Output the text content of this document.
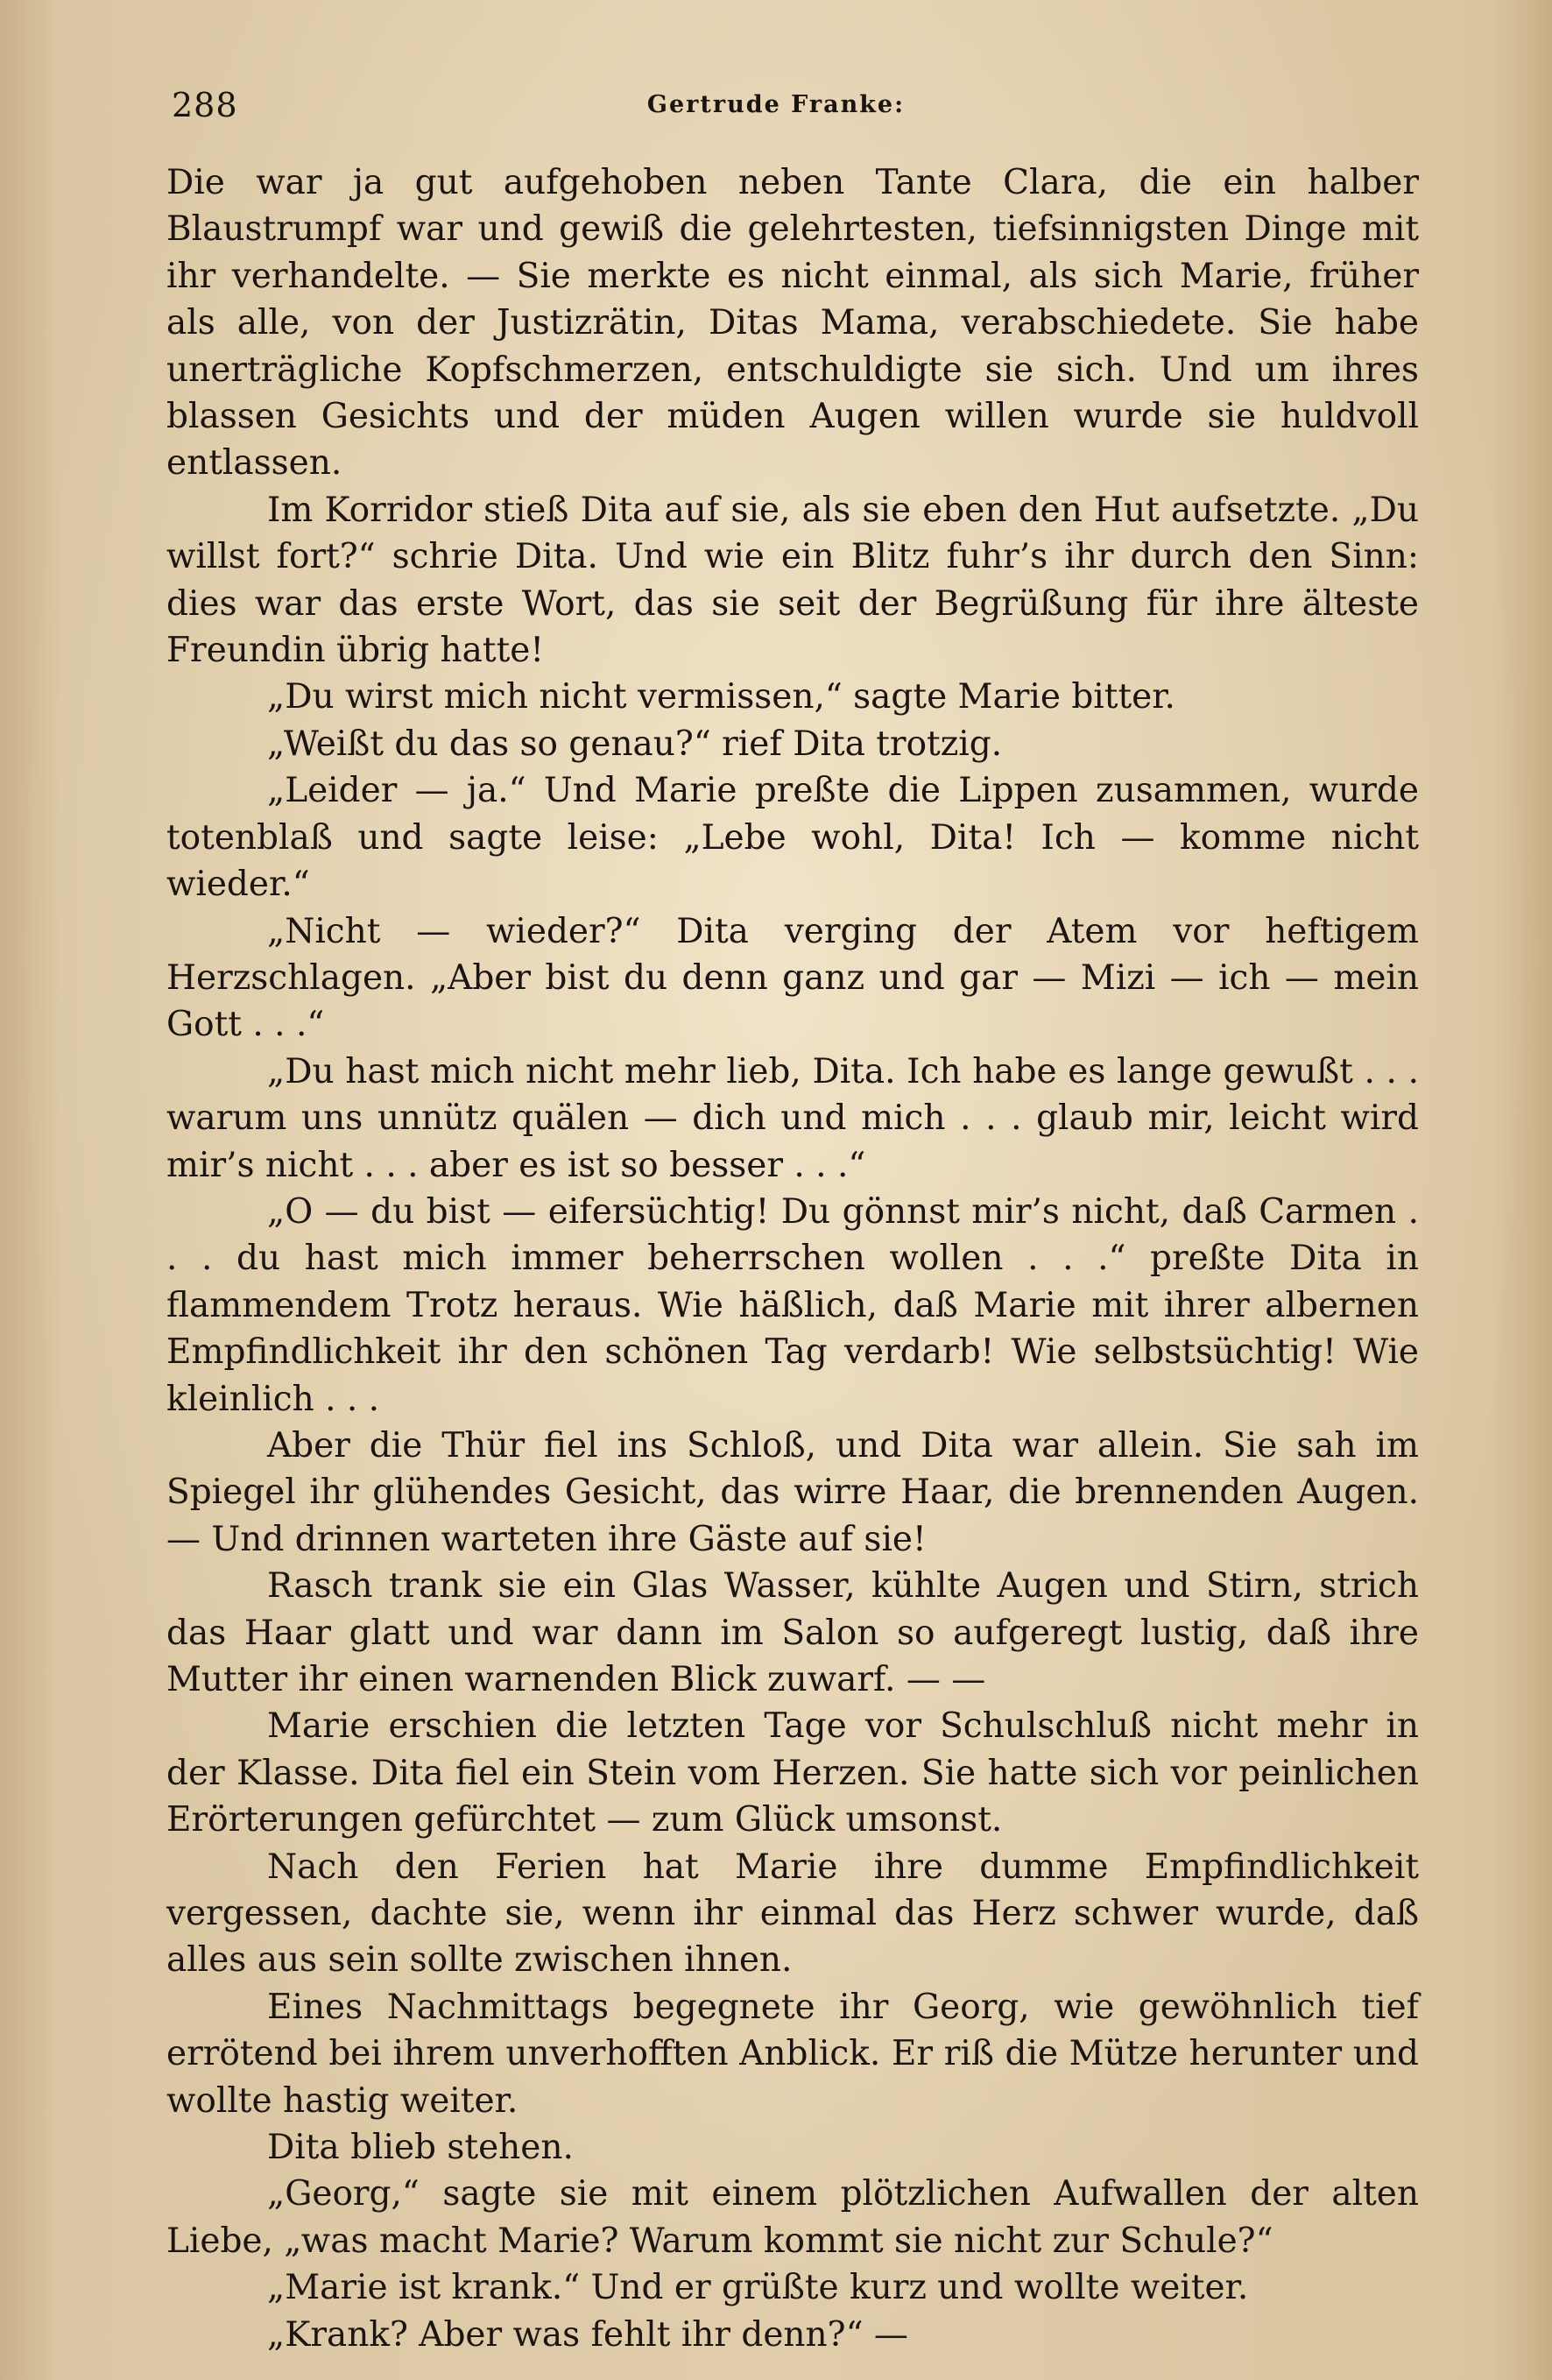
288	Gertrude Franke:

Die war ja gut aufgehoben neben Tante Clara, die ein halber Blaustrumpf war und gewiß die gelehrtesten, tiefsinnigsten Dinge mit ihr verhandelte. — Sie merkte es nicht einmal, als sich Marie, früher als alle, von der Justizrätin, Ditas Mama, verabschiedete. Sie habe unerträgliche Kopfschmerzen, entschuldigte sie sich. Und um ihres blassen Gesichts und der müden Augen willen wurde sie huldvoll entlassen.

Im Korridor stieß Dita auf sie, als sie eben den Hut aufsetzte. „Du willst fort?“ schrie Dita. Und wie ein Blitz fuhr’s ihr durch den Sinn: dies war das erste Wort, das sie seit der Begrüßung für ihre älteste Freundin übrig hatte!

„Du wirst mich nicht vermissen,“ sagte Marie bitter.

„Weißt du das so genau?“ rief Dita trotzig.

„Leider — ja.“ Und Marie preßte die Lippen zusammen, wurde totenblaß und sagte leise: „Lebe wohl, Dita! Ich — komme nicht wieder.“

„Nicht — wieder?“ Dita verging der Atem vor heftigem Herzschlagen. „Aber bist du denn ganz und gar — Mizi — ich — mein Gott . . .“

„Du hast mich nicht mehr lieb, Dita. Ich habe es lange gewußt . . . warum uns unnütz quälen — dich und mich . . . glaub mir, leicht wird mir’s nicht . . . aber es ist so besser . . .“

„O — du bist — eifersüchtig! Du gönnst mir’s nicht, daß Carmen . . . du hast mich immer beherrschen wollen . . .“ preßte Dita in flammendem Trotz heraus. Wie häßlich, daß Marie mit ihrer albernen Empfindlichkeit ihr den schönen Tag verdarb! Wie selbstsüchtig! Wie kleinlich . . .

Aber die Thür fiel ins Schloß, und Dita war allein. Sie sah im Spiegel ihr glühendes Gesicht, das wirre Haar, die brennenden Augen. — Und drinnen warteten ihre Gäste auf sie!

Rasch trank sie ein Glas Wasser, kühlte Augen und Stirn, strich das Haar glatt und war dann im Salon so aufgeregt lustig, daß ihre Mutter ihr einen warnenden Blick zuwarf. — —

Marie erschien die letzten Tage vor Schulschluß nicht mehr in der Klasse. Dita fiel ein Stein vom Herzen. Sie hatte sich vor peinlichen Erörterungen gefürchtet — zum Glück umsonst.

Nach den Ferien hat Marie ihre dumme Empfindlichkeit vergessen, dachte sie, wenn ihr einmal das Herz schwer wurde, daß alles aus sein sollte zwischen ihnen.

Eines Nachmittags begegnete ihr Georg, wie gewöhnlich tief errötend bei ihrem unverhofften Anblick. Er riß die Mütze herunter und wollte hastig weiter.

Dita blieb stehen.

„Georg,“ sagte sie mit einem plötzlichen Aufwallen der alten Liebe, „was macht Marie? Warum kommt sie nicht zur Schule?“

„Marie ist krank.“ Und er grüßte kurz und wollte weiter.

„Krank? Aber was fehlt ihr denn?“ —
